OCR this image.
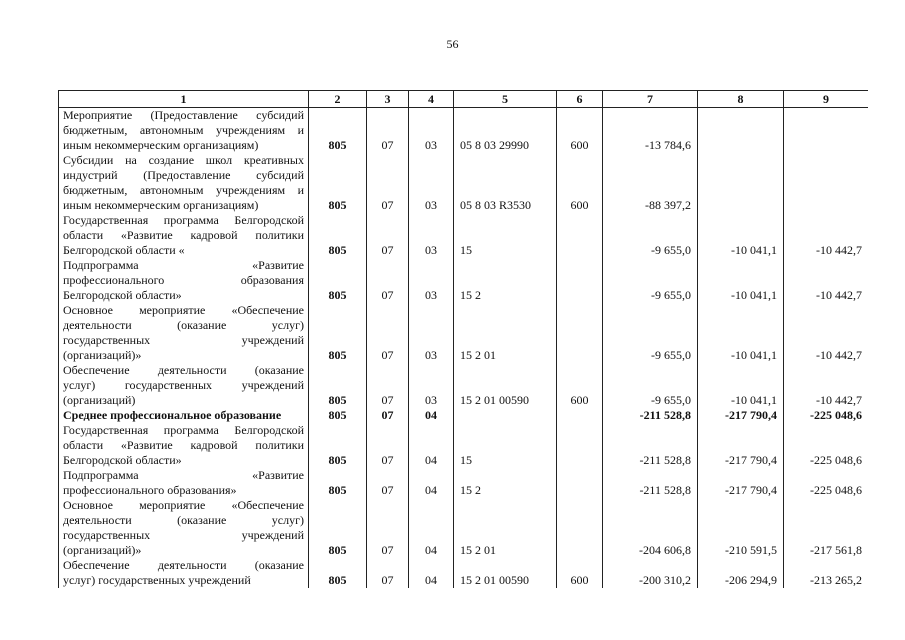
56
1	2	3	4	5	6	7	8	9

Мероприятие (Предоставление субсидий
бюджетным, автономным учреждениям и
иным некоммерческим организациям)	805	07	03	05 8 03 29990	600	-13 784,6		

Субсидии на создание школ креативных
индустрий (Предоставление субсидий
бюджетным, автономным учреждениям и
иным некоммерческим организациям)	805	07	03	05 8 03 R3530	600	-88 397,2		

Государственная программа Белгородской
области «Развитие кадровой политики
Белгородской области «	805	07	03	15		-9 655,0	-10 041,1	-10 442,7

Подпрограмма «Развитие
профессионального образования
Белгородской области»	805	07	03	15 2		-9 655,0	-10 041,1	-10 442,7

Основное мероприятие «Обеспечение
деятельности (оказание услуг)
государственных учреждений
(организаций)»	805	07	03	15 2 01		-9 655,0	-10 041,1	-10 442,7

Обеспечение деятельности (оказание
услуг) государственных учреждений
(организаций)	805	07	03	15 2 01 00590	600	-9 655,0	-10 041,1	-10 442,7

Среднее профессиональное образование	805	07	04			-211 528,8	-217 790,4	-225 048,6

Государственная программа Белгородской
области «Развитие кадровой политики
Белгородской области»	805	07	04	15		-211 528,8	-217 790,4	-225 048,6

Подпрограмма «Развитие
профессионального образования»	805	07	04	15 2		-211 528,8	-217 790,4	-225 048,6

Основное мероприятие «Обеспечение
деятельности (оказание услуг)
государственных учреждений
(организаций)»	805	07	04	15 2 01		-204 606,8	-210 591,5	-217 561,8

Обеспечение деятельности (оказание
услуг) государственных учреждений	805	07	04	15 2 01 00590	600	-200 310,2	-206 294,9	-213 265,2
